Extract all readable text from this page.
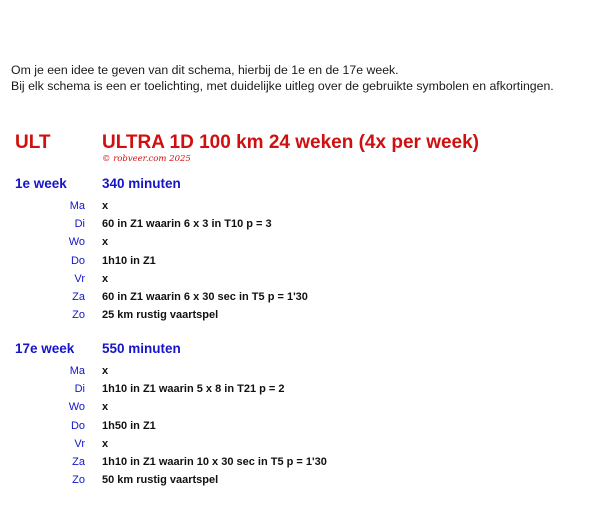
Om je een idee te geven van dit schema, hierbij de 1e en de 17e week.
Bij elk schema is een er toelichting, met duidelijke uitleg over de gebruikte symbolen en afkortingen.
ULT	ULTRA 1D 100 km 24 weken (4x per week)
© robveer.com 2025
1e week	340 minuten
Ma x
Di 60 in Z1 waarin 6 x 3 in T10 p = 3
Wo x
Do 1h10 in Z1
Vr x
Za 60 in Z1 waarin 6 x 30 sec in T5 p = 1'30
Zo 25 km rustig vaartspel
17e week 550 minuten
Ma x
Di 1h10 in Z1 waarin 5 x 8 in T21 p = 2
Wo x
Do 1h50 in Z1
Vr x
Za 1h10 in Z1 waarin 10 x 30 sec in T5 p = 1'30
Zo 50 km rustig vaartspel
